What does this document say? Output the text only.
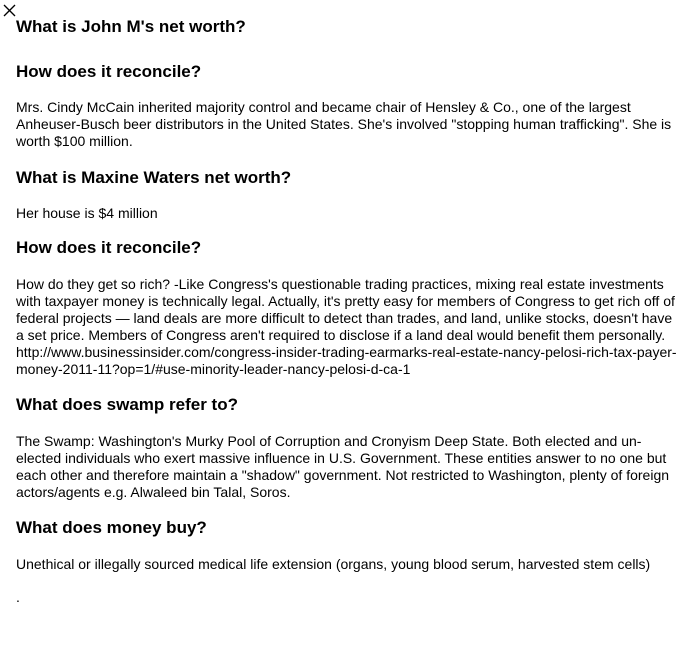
What is John M's net worth?
How does it reconcile?

Mrs. Cindy McCain inherited majority control and became chair of Hensley & Co., one of the largest Anheuser-Busch beer distributors in the United States. She's involved "stopping human trafficking". She is worth $100 million.

What is Maxine Waters net worth?

Her house is $4 million

How does it reconcile?

How do they get so rich? -Like Congress's questionable trading practices, mixing real estate investments with taxpayer money is technically legal. Actually, it's pretty easy for members of Congress to get rich off of federal projects — land deals are more difficult to detect than trades, and land, unlike stocks, doesn't have a set price. Members of Congress aren't required to disclose if a land deal would benefit them personally. http://www.businessinsider.com/congress-insider-trading-earmarks-real-estate-nancy-pelosi-rich-tax-payer-money-2011-11?op=1/#use-minority-leader-nancy-pelosi-d-ca-1

What does swamp refer to?

The Swamp: Washington's Murky Pool of Corruption and Cronyism Deep State. Both elected and un-elected individuals who exert massive influence in U.S. Government. These entities answer to no one but each other and therefore maintain a "shadow" government. Not restricted to Washington, plenty of foreign actors/agents e.g. Alwaleed bin Talal, Soros.

What does money buy?

Unethical or illegally sourced medical life extension (organs, young blood serum, harvested stem cells)

.
